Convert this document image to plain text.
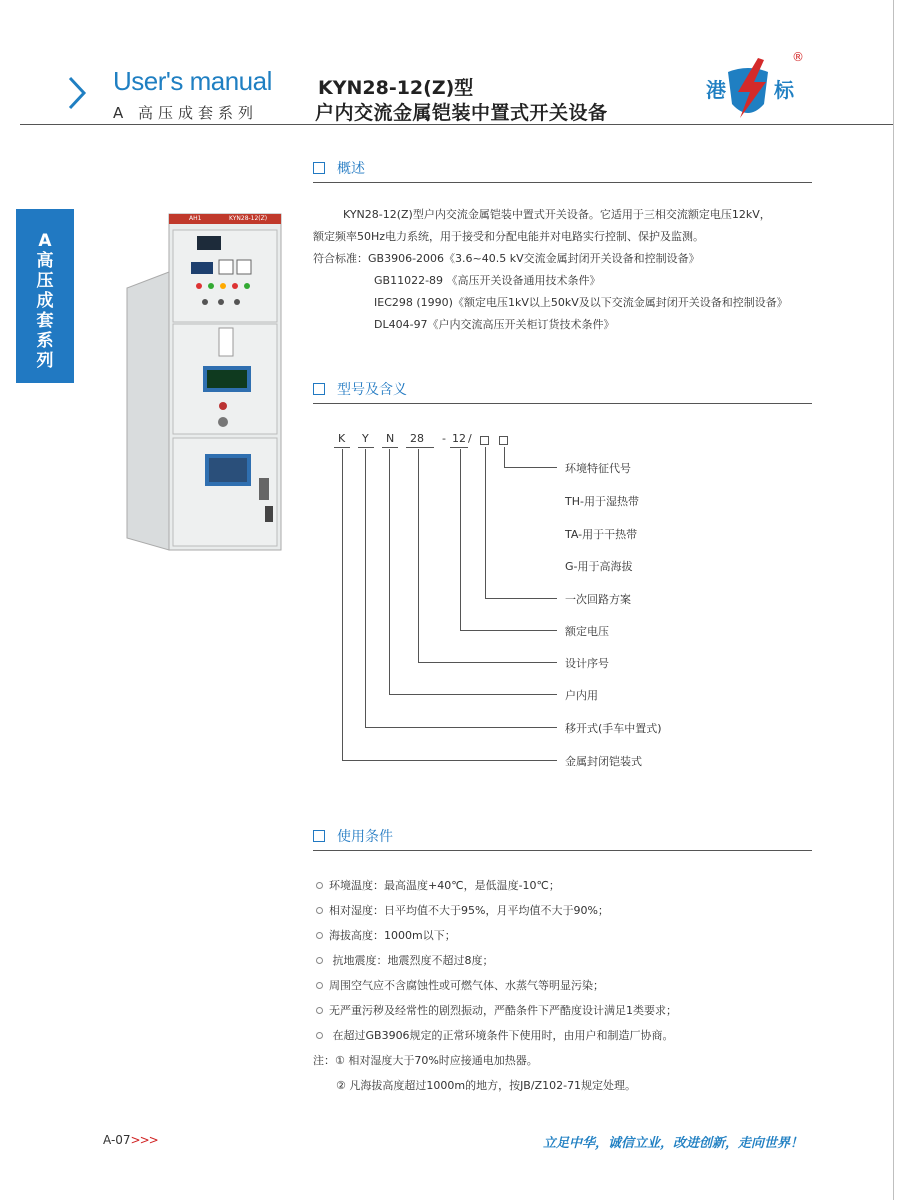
User's manual
A 高压成套系列
KYN28-12(Z)型
户内交流金属铠装中置式开关设备
港 标
®
A
高
压
成
套
系
列
AH1	KYN28-12(Z)
概述
KYN28-12(Z)型户内交流金属铠装中置式开关设备。它适用于三相交流额定电压12kV，
额定频率50Hz电力系统，用于接受和分配电能并对电路实行控制、保护及监测。
符合标准：GB3906-2006《3.6~40.5 kV交流金属封闭开关设备和控制设备》
GB11022-89 《高压开关设备通用技术条件》
IEC298 (1990)《额定电压1kV以上50kV及以下交流金属封闭开关设备和控制设备》
DL404-97《户内交流高压开关柜订货技术条件》
型号及含义
K Y N 28 - 12 /
环境特征代号
TH-用于湿热带
TA-用于干热带
G-用于高海拔
一次回路方案
额定电压
设计序号
户内用
移开式(手车中置式)
金属封闭铠装式
使用条件
环境温度：最高温度+40℃，是低温度-10℃；
相对湿度：日平均值不大于95%，月平均值不大于90%；
海拔高度：1000m以下；
抗地震度：地震烈度不超过8度；
周围空气应不含腐蚀性或可燃气体、水蒸气等明显污染；
无严重污秽及经常性的剧烈振动，严酷条件下严酷度设计满足1类要求；
在超过GB3906规定的正常环境条件下使用时，由用户和制造厂协商。
注：① 相对湿度大于70%时应接通电加热器。
② 凡海拔高度超过1000m的地方，按JB/Z102-71规定处理。
A-07>>>	立足中华，诚信立业，改进创新，走向世界！
